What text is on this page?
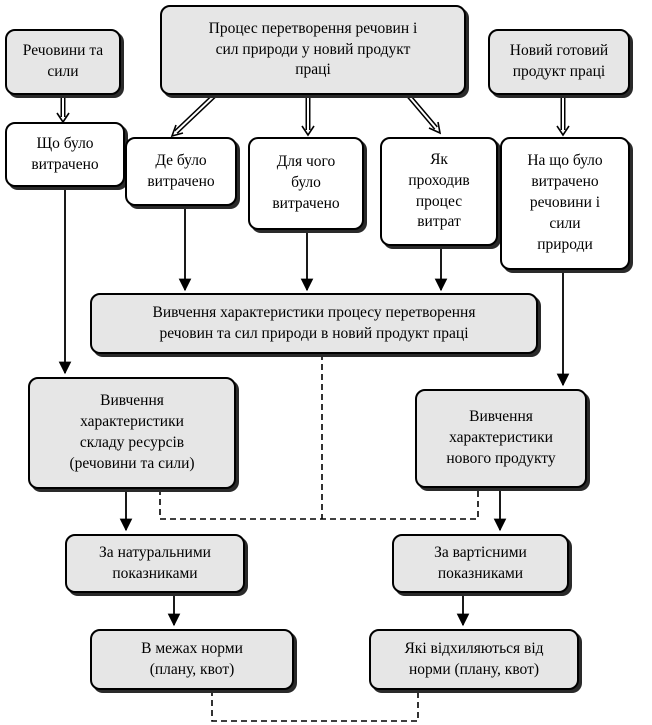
Речовини та
сили
Процес перетворення речовин і
сил природи у новий продукт
праці
Новий готовий
продукт праці
Що було
витрачено	Де було
витрачено
Для чого
було
витрачено
Як
проходив
процес
витрат
На що було
витрачено
речовини і
сили
природи
Вивчення характеристики процесу перетворення
речовин та сил природи в новий продукт праці
Вивчення
характеристики
складу ресурсів
(речовини та сили)
Вивчення
характеристики
нового продукту
За натуральними
показниками
За вартісними
показниками
В межах норми
(плану, квот)
Які відхиляються від
норми (плану, квот)
